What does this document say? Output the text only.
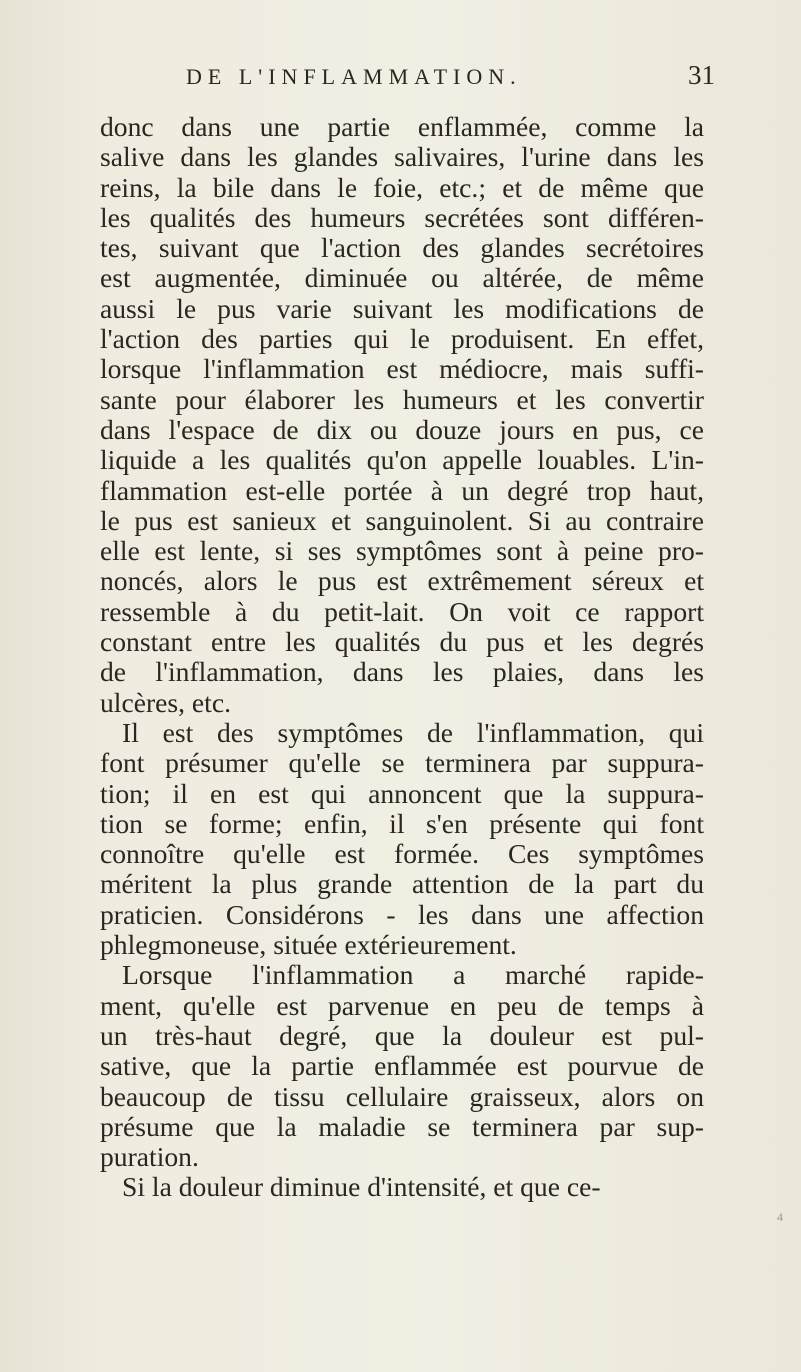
DE L'INFLAMMATION.	31
donc dans une partie enflammée, comme la
salive dans les glandes salivaires, l'urine dans les
reins, la bile dans le foie, etc.; et de même que
les qualités des humeurs secrétées sont différen-
tes, suivant que l'action des glandes secrétoires
est augmentée, diminuée ou altérée, de même
aussi le pus varie suivant les modifications de
l'action des parties qui le produisent. En effet,
lorsque l'inflammation est médiocre, mais suffi-
sante pour élaborer les humeurs et les convertir
dans l'espace de dix ou douze jours en pus, ce
liquide a les qualités qu'on appelle louables. L'in-
flammation est-elle portée à un degré trop haut,
le pus est sanieux et sanguinolent. Si au contraire
elle est lente, si ses symptômes sont à peine pro-
noncés, alors le pus est extrêmement séreux et
ressemble à du petit-lait. On voit ce rapport
constant entre les qualités du pus et les degrés
de l'inflammation, dans les plaies, dans les
ulcères, etc.
Il est des symptômes de l'inflammation, qui
font présumer qu'elle se terminera par suppura-
tion; il en est qui annoncent que la suppura-
tion se forme; enfin, il s'en présente qui font
connoître qu'elle est formée. Ces symptômes
méritent la plus grande attention de la part du
praticien. Considérons - les dans une affection
phlegmoneuse, située extérieurement.
Lorsque l'inflammation a marché rapide-
ment, qu'elle est parvenue en peu de temps à
un très-haut degré, que la douleur est pul-
sative, que la partie enflammée est pourvue de
beaucoup de tissu cellulaire graisseux, alors on
présume que la maladie se terminera par sup-
puration.
Si la douleur diminue d'intensité, et que ce-
4
